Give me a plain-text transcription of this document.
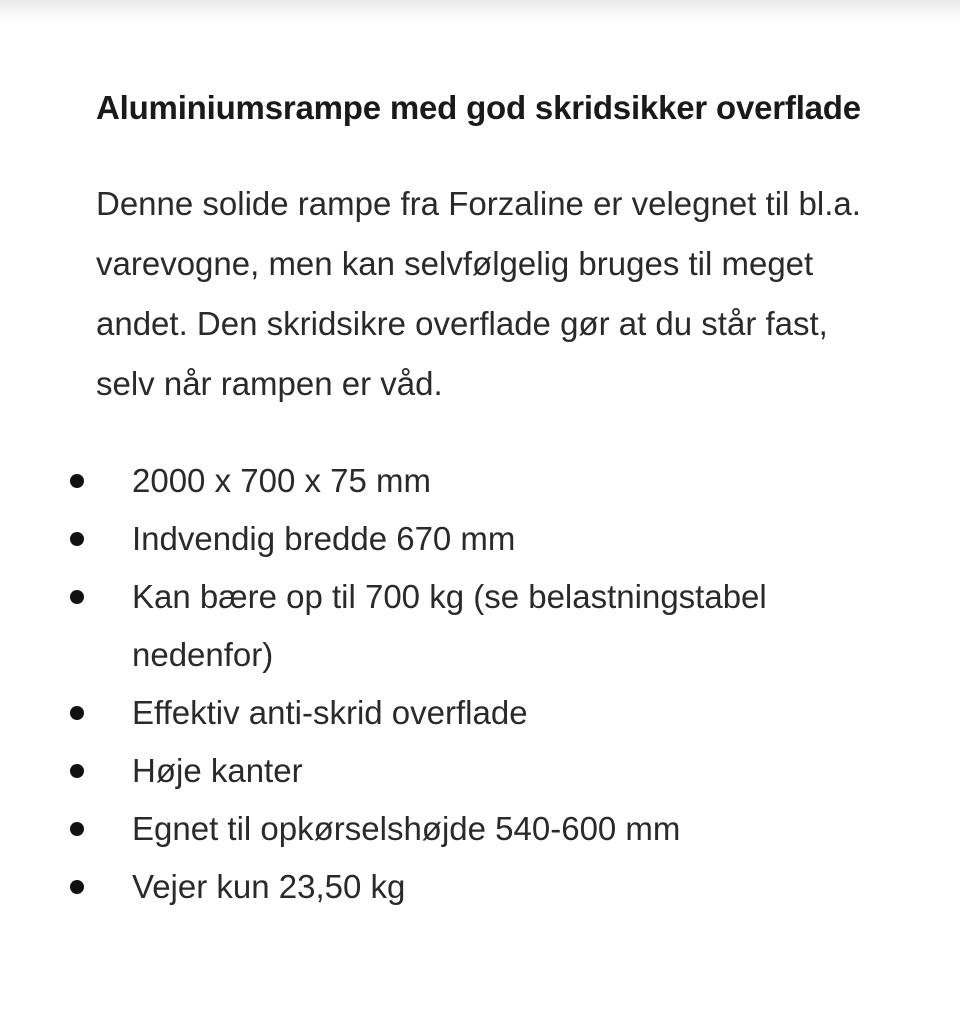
Aluminiumsrampe med god skridsikker overflade

Denne solide rampe fra Forzaline er velegnet til bl.a. varevogne, men kan selvfølgelig bruges til meget andet. Den skridsikre overflade gør at du står fast, selv når rampen er våd.

2000 x 700 x 75 mm
Indvendig bredde 670 mm
Kan bære op til 700 kg (se belastningstabel nedenfor)
Effektiv anti-skrid overflade
Høje kanter
Egnet til opkørselshøjde 540-600 mm
Vejer kun 23,50 kg
